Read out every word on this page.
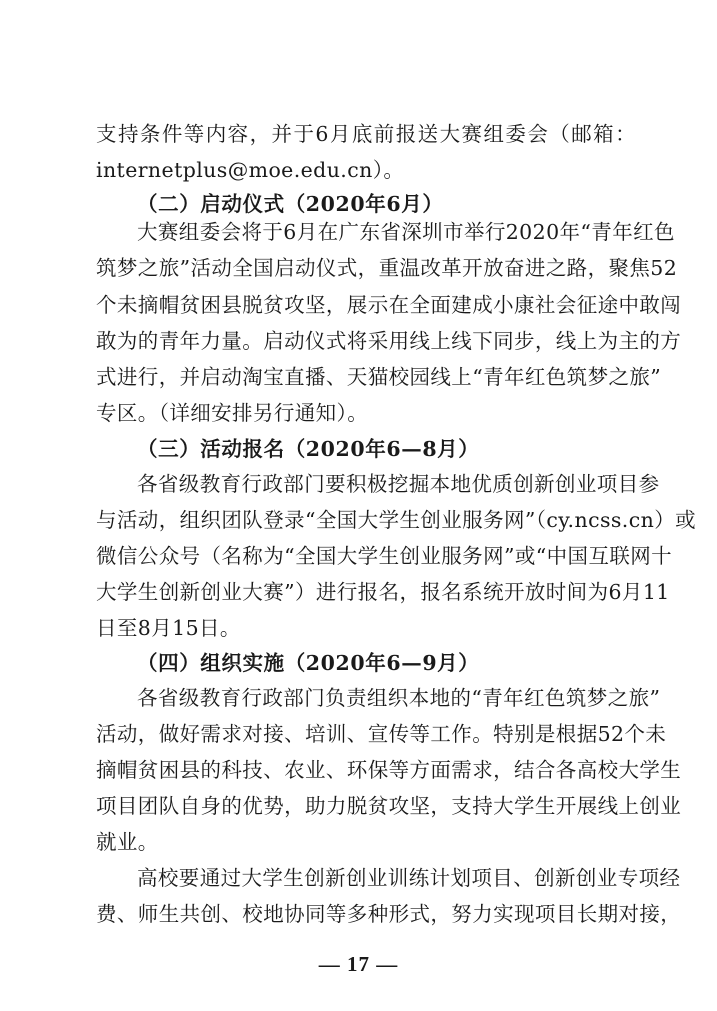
支持条件等内容，并于6月底前报送大赛组委会（邮箱：
internetplus@moe.edu.cn）。
（二）启动仪式（2020年6月）
大赛组委会将于6月在广东省深圳市举行2020年“青年红色
筑梦之旅”活动全国启动仪式，重温改革开放奋进之路，聚焦52
个未摘帽贫困县脱贫攻坚，展示在全面建成小康社会征途中敢闯
敢为的青年力量。启动仪式将采用线上线下同步，线上为主的方
式进行，并启动淘宝直播、天猫校园线上“青年红色筑梦之旅”
专区。（详细安排另行通知）。
（三）活动报名（2020年6—8月）
各省级教育行政部门要积极挖掘本地优质创新创业项目参
与活动，组织团队登录“全国大学生创业服务网”（cy.ncss.cn）或
微信公众号（名称为“全国大学生创业服务网”或“中国互联网十
大学生创新创业大赛”）进行报名，报名系统开放时间为6月11
日至8月15日。
（四）组织实施（2020年6—9月）
各省级教育行政部门负责组织本地的“青年红色筑梦之旅”
活动，做好需求对接、培训、宣传等工作。特别是根据52个未
摘帽贫困县的科技、农业、环保等方面需求，结合各高校大学生
项目团队自身的优势，助力脱贫攻坚，支持大学生开展线上创业
就业。
高校要通过大学生创新创业训练计划项目、创新创业专项经
费、师生共创、校地协同等多种形式，努力实现项目长期对接，
— 17 —
